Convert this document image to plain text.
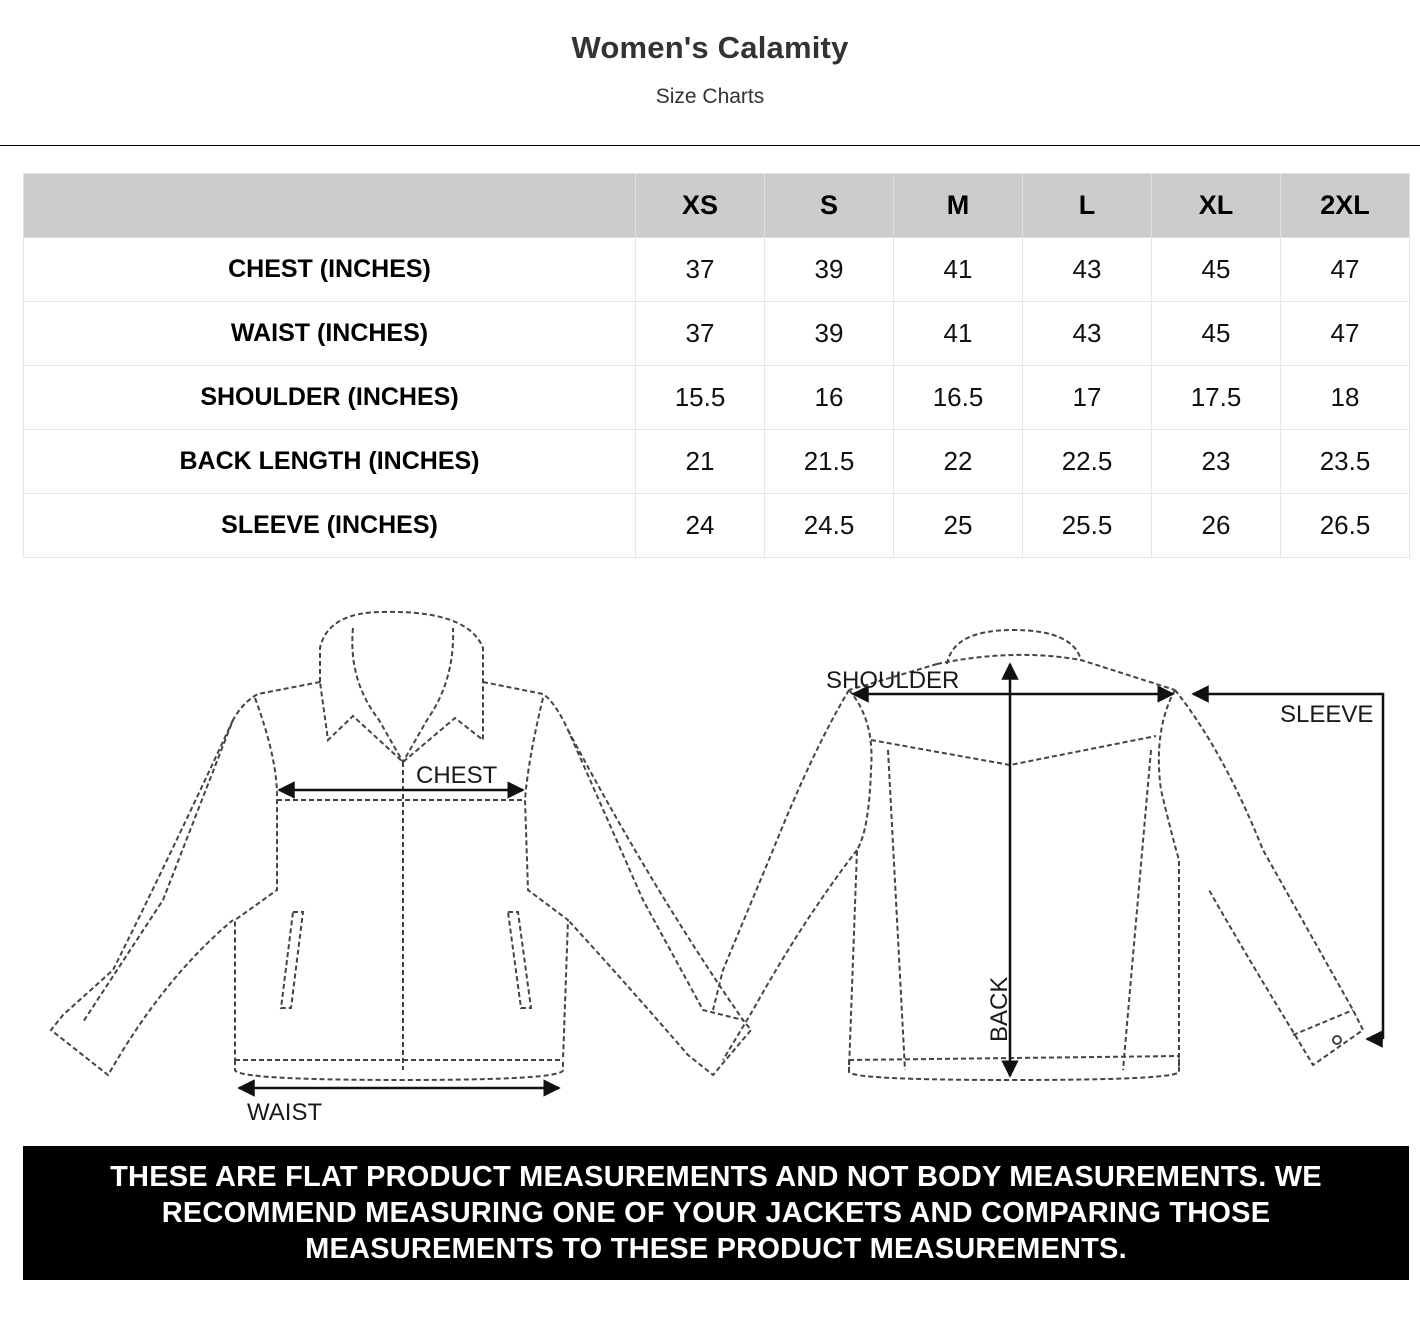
Women's Calamity
Size Charts
	XS	S	M	L	XL	2XL
CHEST (INCHES)	37	39	41	43	45	47
WAIST (INCHES)	37	39	41	43	45	47
SHOULDER (INCHES)	15.5	16	16.5	17	17.5	18
BACK LENGTH (INCHES)	21	21.5	22	22.5	23	23.5
SLEEVE (INCHES)	24	24.5	25	25.5	26	26.5
CHEST
WAIST
SHOULDER
BACK
SLEEVE

THESE ARE FLAT PRODUCT MEASUREMENTS AND NOT BODY MEASUREMENTS. WE RECOMMEND MEASURING ONE OF YOUR JACKETS AND COMPARING THOSE MEASUREMENTS TO THESE PRODUCT MEASUREMENTS.
